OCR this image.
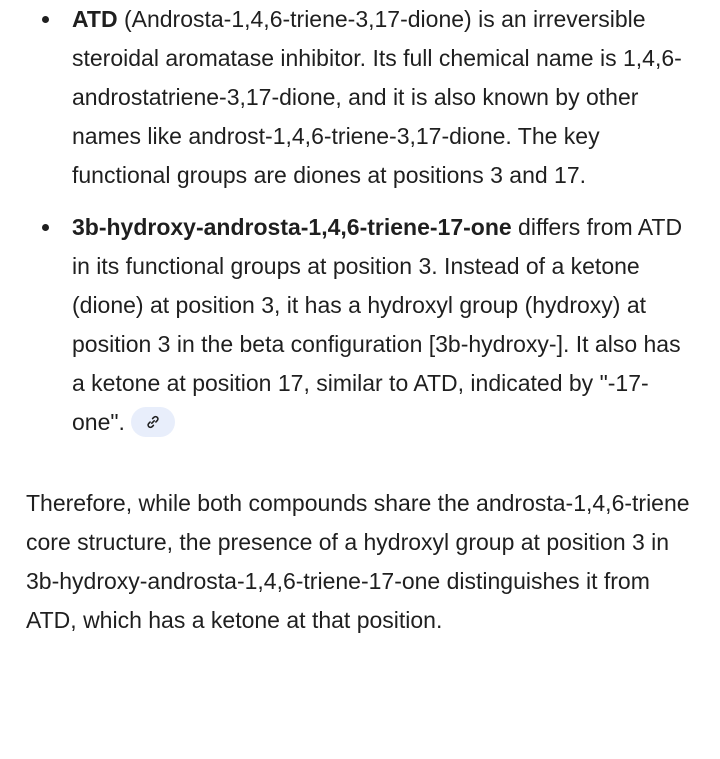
ATD (Androsta-1,4,6-triene-3,17-dione) is an irreversible steroidal aromatase inhibitor. Its full chemical name is 1,4,6-androstatriene-3,17-dione, and it is also known by other names like androst-1,4,6-triene-3,17-dione. The key functional groups are diones at positions 3 and 17.
3b-hydroxy-androsta-1,4,6-triene-17-one differs from ATD in its functional groups at position 3. Instead of a ketone (dione) at position 3, it has a hydroxyl group (hydroxy) at position 3 in the beta configuration [3b-hydroxy-]. It also has a ketone at position 17, similar to ATD, indicated by "-17-one".

Therefore, while both compounds share the androsta-1,4,6-triene core structure, the presence of a hydroxyl group at position 3 in 3b-hydroxy-androsta-1,4,6-triene-17-one distinguishes it from ATD, which has a ketone at that position.
